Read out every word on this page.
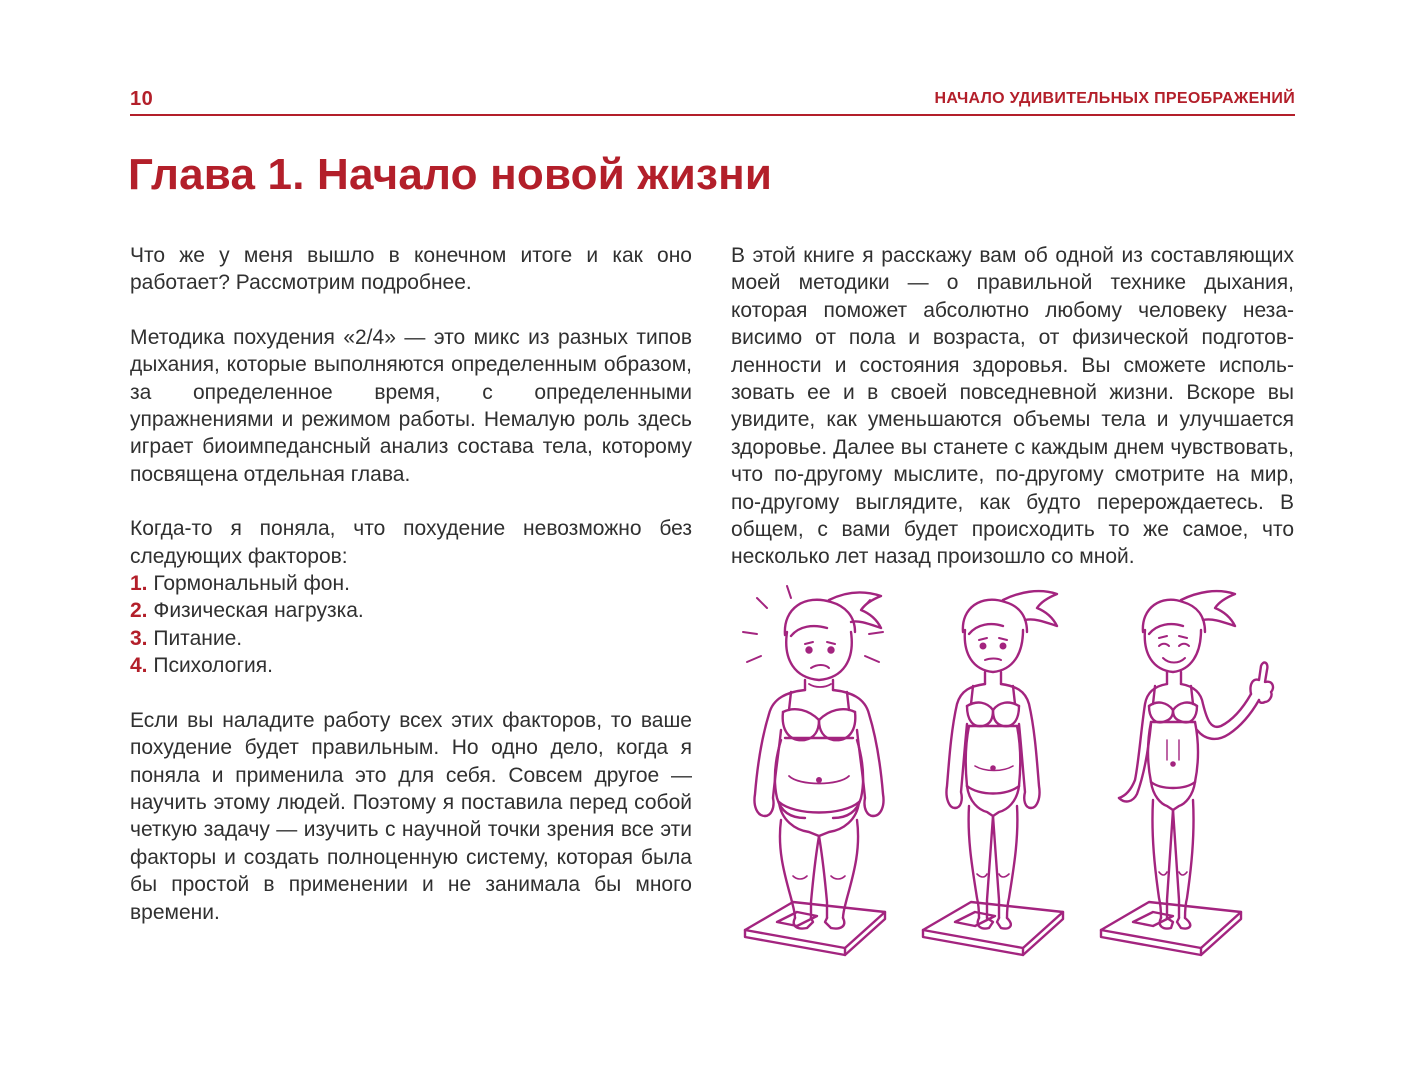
10	НАЧАЛО УДИВИТЕЛЬНЫХ ПРЕОБРАЖЕНИЙ
Глава 1. Начало новой жизни

Что же у меня вышло в конечном итоге и как оно работает? Рассмотрим подробнее.

Методика похудения «2/4» — это микс из разных типов дыхания, которые выполняются определенным образом, за определенное время, с определенными упражнениями и режимом работы. Немалую роль здесь играет биоимпедансный анализ состава тела, которому посвящена отдельная глава.

Когда-то я поняла, что похудение невозможно без следующих факторов:

1. Гормональный фон.
2. Физическая нагрузка.
3. Питание.
4. Психология.

Если вы наладите работу всех этих факторов, то ваше похудение будет правильным. Но одно дело, когда я поняла и применила это для себя. Совсем другое — научить этому людей. Поэтому я поставила перед собой четкую задачу — изучить с научной точки зрения все эти факторы и создать полноценную систему, которая была бы простой в применении и не занимала бы много времени.

В этой книге я расскажу вам об одной из составляющих моей методики — о правильной технике дыхания, которая поможет абсолютно любому человеку независимо от пола и возраста, от физической подготовленности и состояния здоровья. Вы сможете использовать ее и в своей повседневной жизни. Вскоре вы увидите, как уменьшаются объемы тела и улучшается здоровье. Далее вы станете с каждым днем чувствовать, что по-другому мыслите, по-другому смотрите на мир, по-другому выглядите, как будто перерождаетесь. В общем, с вами будет происходить то же самое, что несколько лет назад произошло со мной.
